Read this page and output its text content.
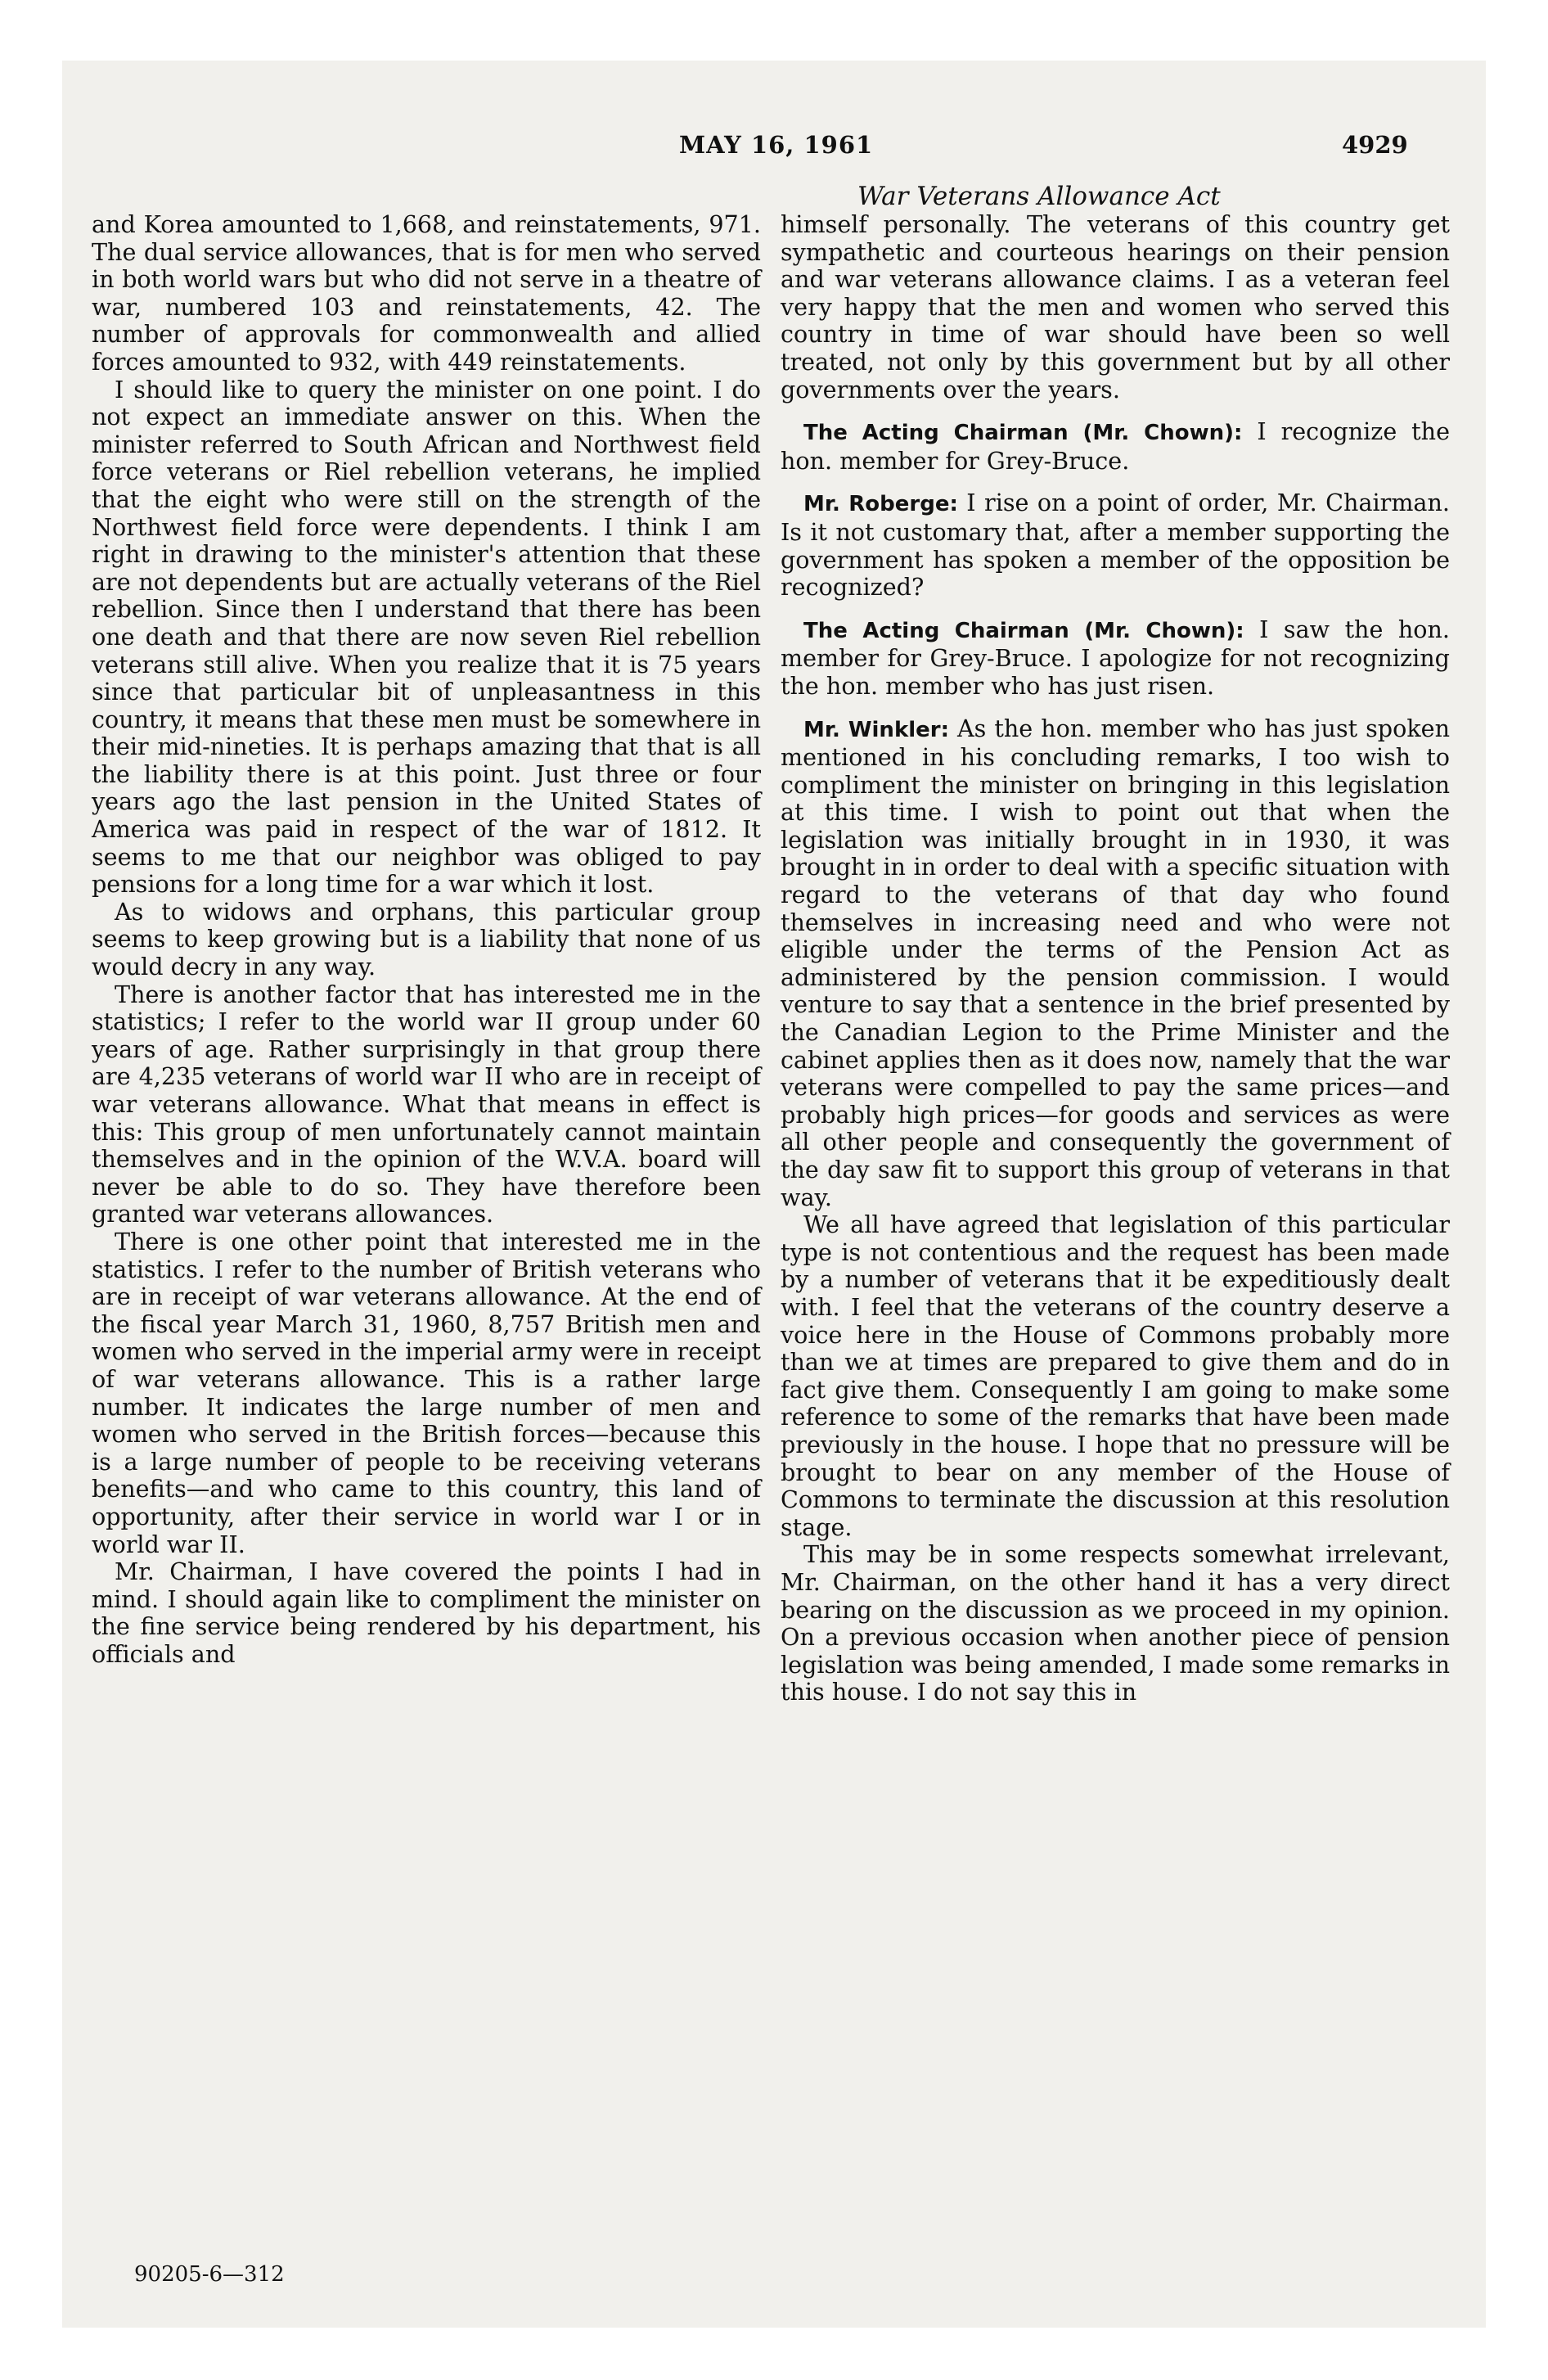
MAY 16, 1961	4929
War Veterans Allowance Act

and Korea amounted to 1,668, and reinstatements, 971. The dual service allowances, that is for men who served in both world wars but who did not serve in a theatre of war, numbered 103 and reinstatements, 42. The number of approvals for commonwealth and allied forces amounted to 932, with 449 reinstatements.

I should like to query the minister on one point. I do not expect an immediate answer on this. When the minister referred to South African and Northwest field force veterans or Riel rebellion veterans, he implied that the eight who were still on the strength of the Northwest field force were dependents. I think I am right in drawing to the minister's attention that these are not dependents but are actually veterans of the Riel rebellion. Since then I understand that there has been one death and that there are now seven Riel rebellion veterans still alive. When you realize that it is 75 years since that particular bit of unpleasantness in this country, it means that these men must be somewhere in their mid-nineties. It is perhaps amazing that that is all the liability there is at this point. Just three or four years ago the last pension in the United States of America was paid in respect of the war of 1812. It seems to me that our neighbor was obliged to pay pensions for a long time for a war which it lost.

As to widows and orphans, this particular group seems to keep growing but is a liability that none of us would decry in any way.

There is another factor that has interested me in the statistics; I refer to the world war II group under 60 years of age. Rather surprisingly in that group there are 4,235 veterans of world war II who are in receipt of war veterans allowance. What that means in effect is this: This group of men unfortunately cannot maintain themselves and in the opinion of the W.V.A. board will never be able to do so. They have therefore been granted war veterans allowances.

There is one other point that interested me in the statistics. I refer to the number of British veterans who are in receipt of war veterans allowance. At the end of the fiscal year March 31, 1960, 8,757 British men and women who served in the imperial army were in receipt of war veterans allowance. This is a rather large number. It indicates the large number of men and women who served in the British forces—because this is a large number of people to be receiving veterans benefits—and who came to this country, this land of opportunity, after their service in world war I or in world war II.

Mr. Chairman, I have covered the points I had in mind. I should again like to compliment the minister on the fine service being rendered by his department, his officials and

himself personally. The veterans of this country get sympathetic and courteous hearings on their pension and war veterans allowance claims. I as a veteran feel very happy that the men and women who served this country in time of war should have been so well treated, not only by this government but by all other governments over the years.

The Acting Chairman (Mr. Chown): I recognize the hon. member for Grey-Bruce.

Mr. Roberge: I rise on a point of order, Mr. Chairman. Is it not customary that, after a member supporting the government has spoken a member of the opposition be recognized?

The Acting Chairman (Mr. Chown): I saw the hon. member for Grey-Bruce. I apologize for not recognizing the hon. member who has just risen.

Mr. Winkler: As the hon. member who has just spoken mentioned in his concluding remarks, I too wish to compliment the minister on bringing in this legislation at this time. I wish to point out that when the legislation was initially brought in in 1930, it was brought in in order to deal with a specific situation with regard to the veterans of that day who found themselves in increasing need and who were not eligible under the terms of the Pension Act as administered by the pension commission. I would venture to say that a sentence in the brief presented by the Canadian Legion to the Prime Minister and the cabinet applies then as it does now, namely that the war veterans were compelled to pay the same prices—and probably high prices—for goods and services as were all other people and consequently the government of the day saw fit to support this group of veterans in that way.

We all have agreed that legislation of this particular type is not contentious and the request has been made by a number of veterans that it be expeditiously dealt with. I feel that the veterans of the country deserve a voice here in the House of Commons probably more than we at times are prepared to give them and do in fact give them. Consequently I am going to make some reference to some of the remarks that have been made previously in the house. I hope that no pressure will be brought to bear on any member of the House of Commons to terminate the discussion at this resolution stage.

This may be in some respects somewhat irrelevant, Mr. Chairman, on the other hand it has a very direct bearing on the discussion as we proceed in my opinion. On a previous occasion when another piece of pension legislation was being amended, I made some remarks in this house. I do not say this in

90205-6—312
